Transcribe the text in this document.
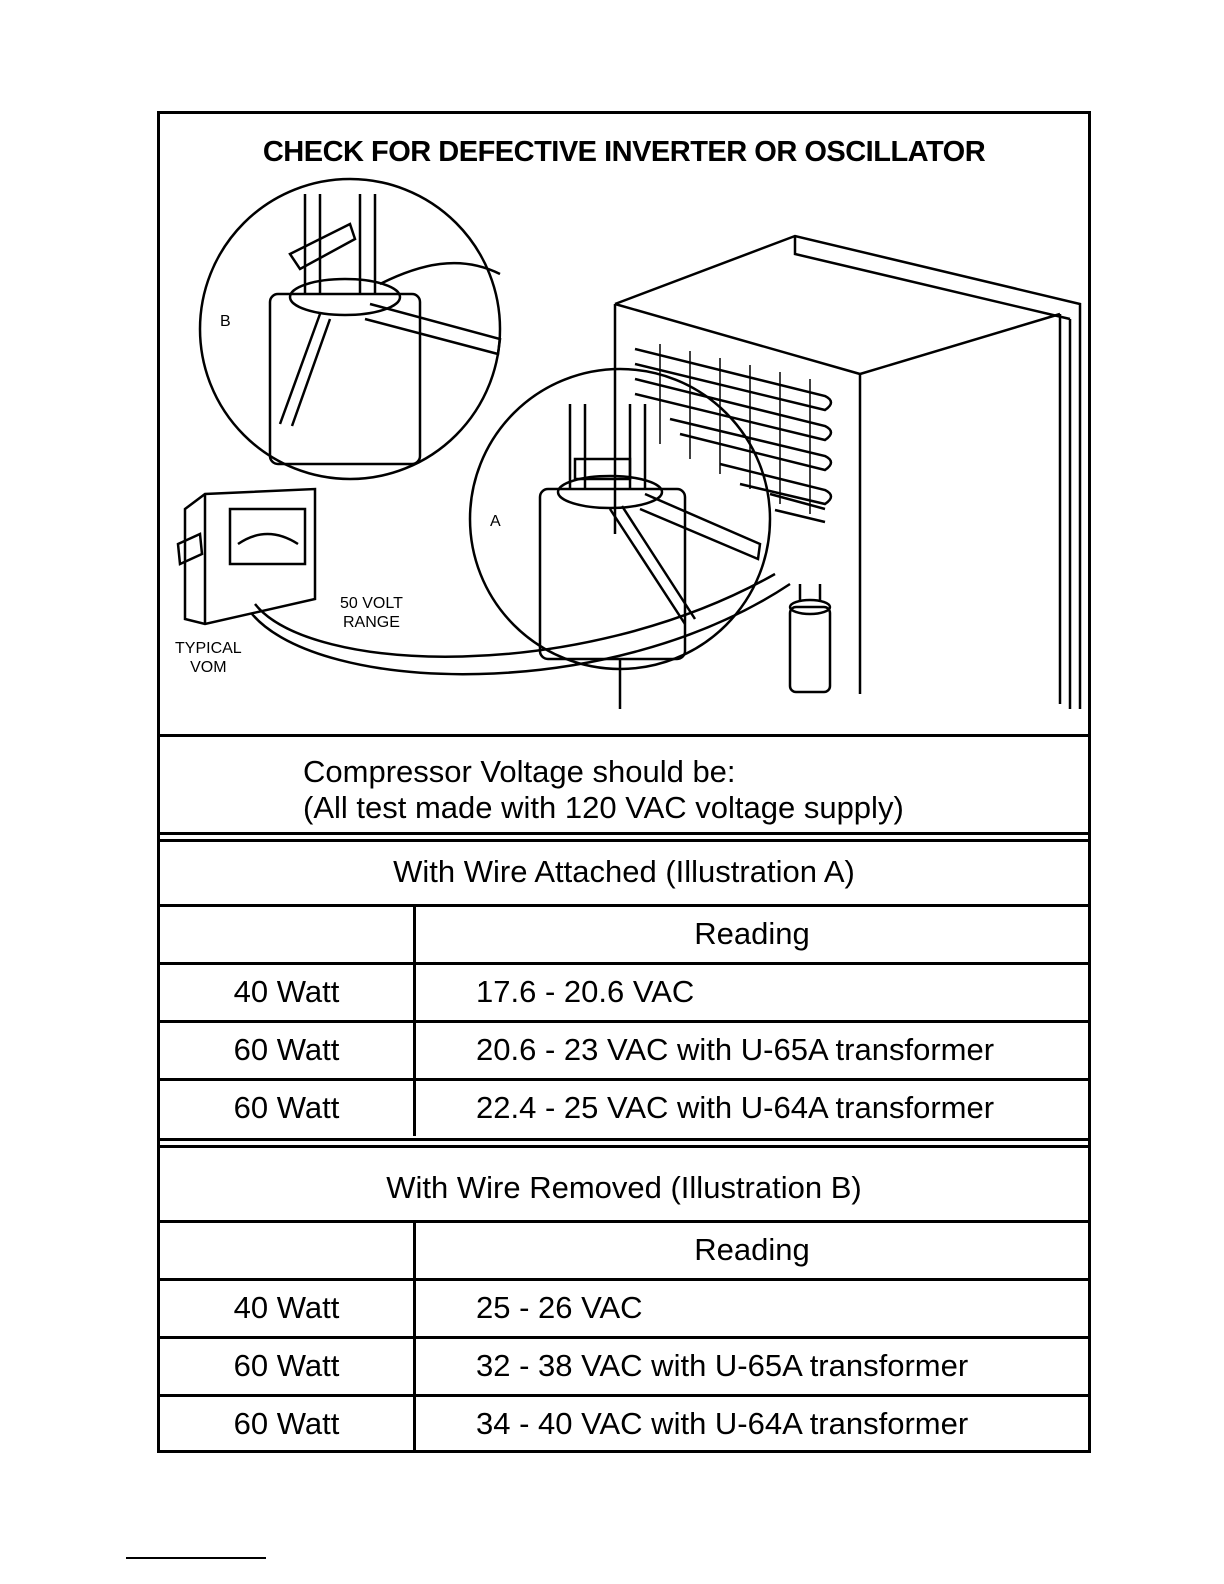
CHECK FOR DEFECTIVE INVERTER OR OSCILLATOR
B
A
50 VOLT
RANGE
TYPICAL
VOM
Compressor Voltage should be:
(All test made with 120 VAC voltage supply)
With Wire Attached (Illustration A)
Reading
40 Watt	17.6 - 20.6 VAC
60 Watt	20.6 - 23 VAC with U-65A transformer
60 Watt	22.4 - 25 VAC with U-64A transformer
With Wire Removed (Illustration B)
Reading
40 Watt	25 - 26 VAC
60 Watt	32 - 38 VAC with U-65A transformer
60 Watt	34 - 40 VAC with U-64A transformer
